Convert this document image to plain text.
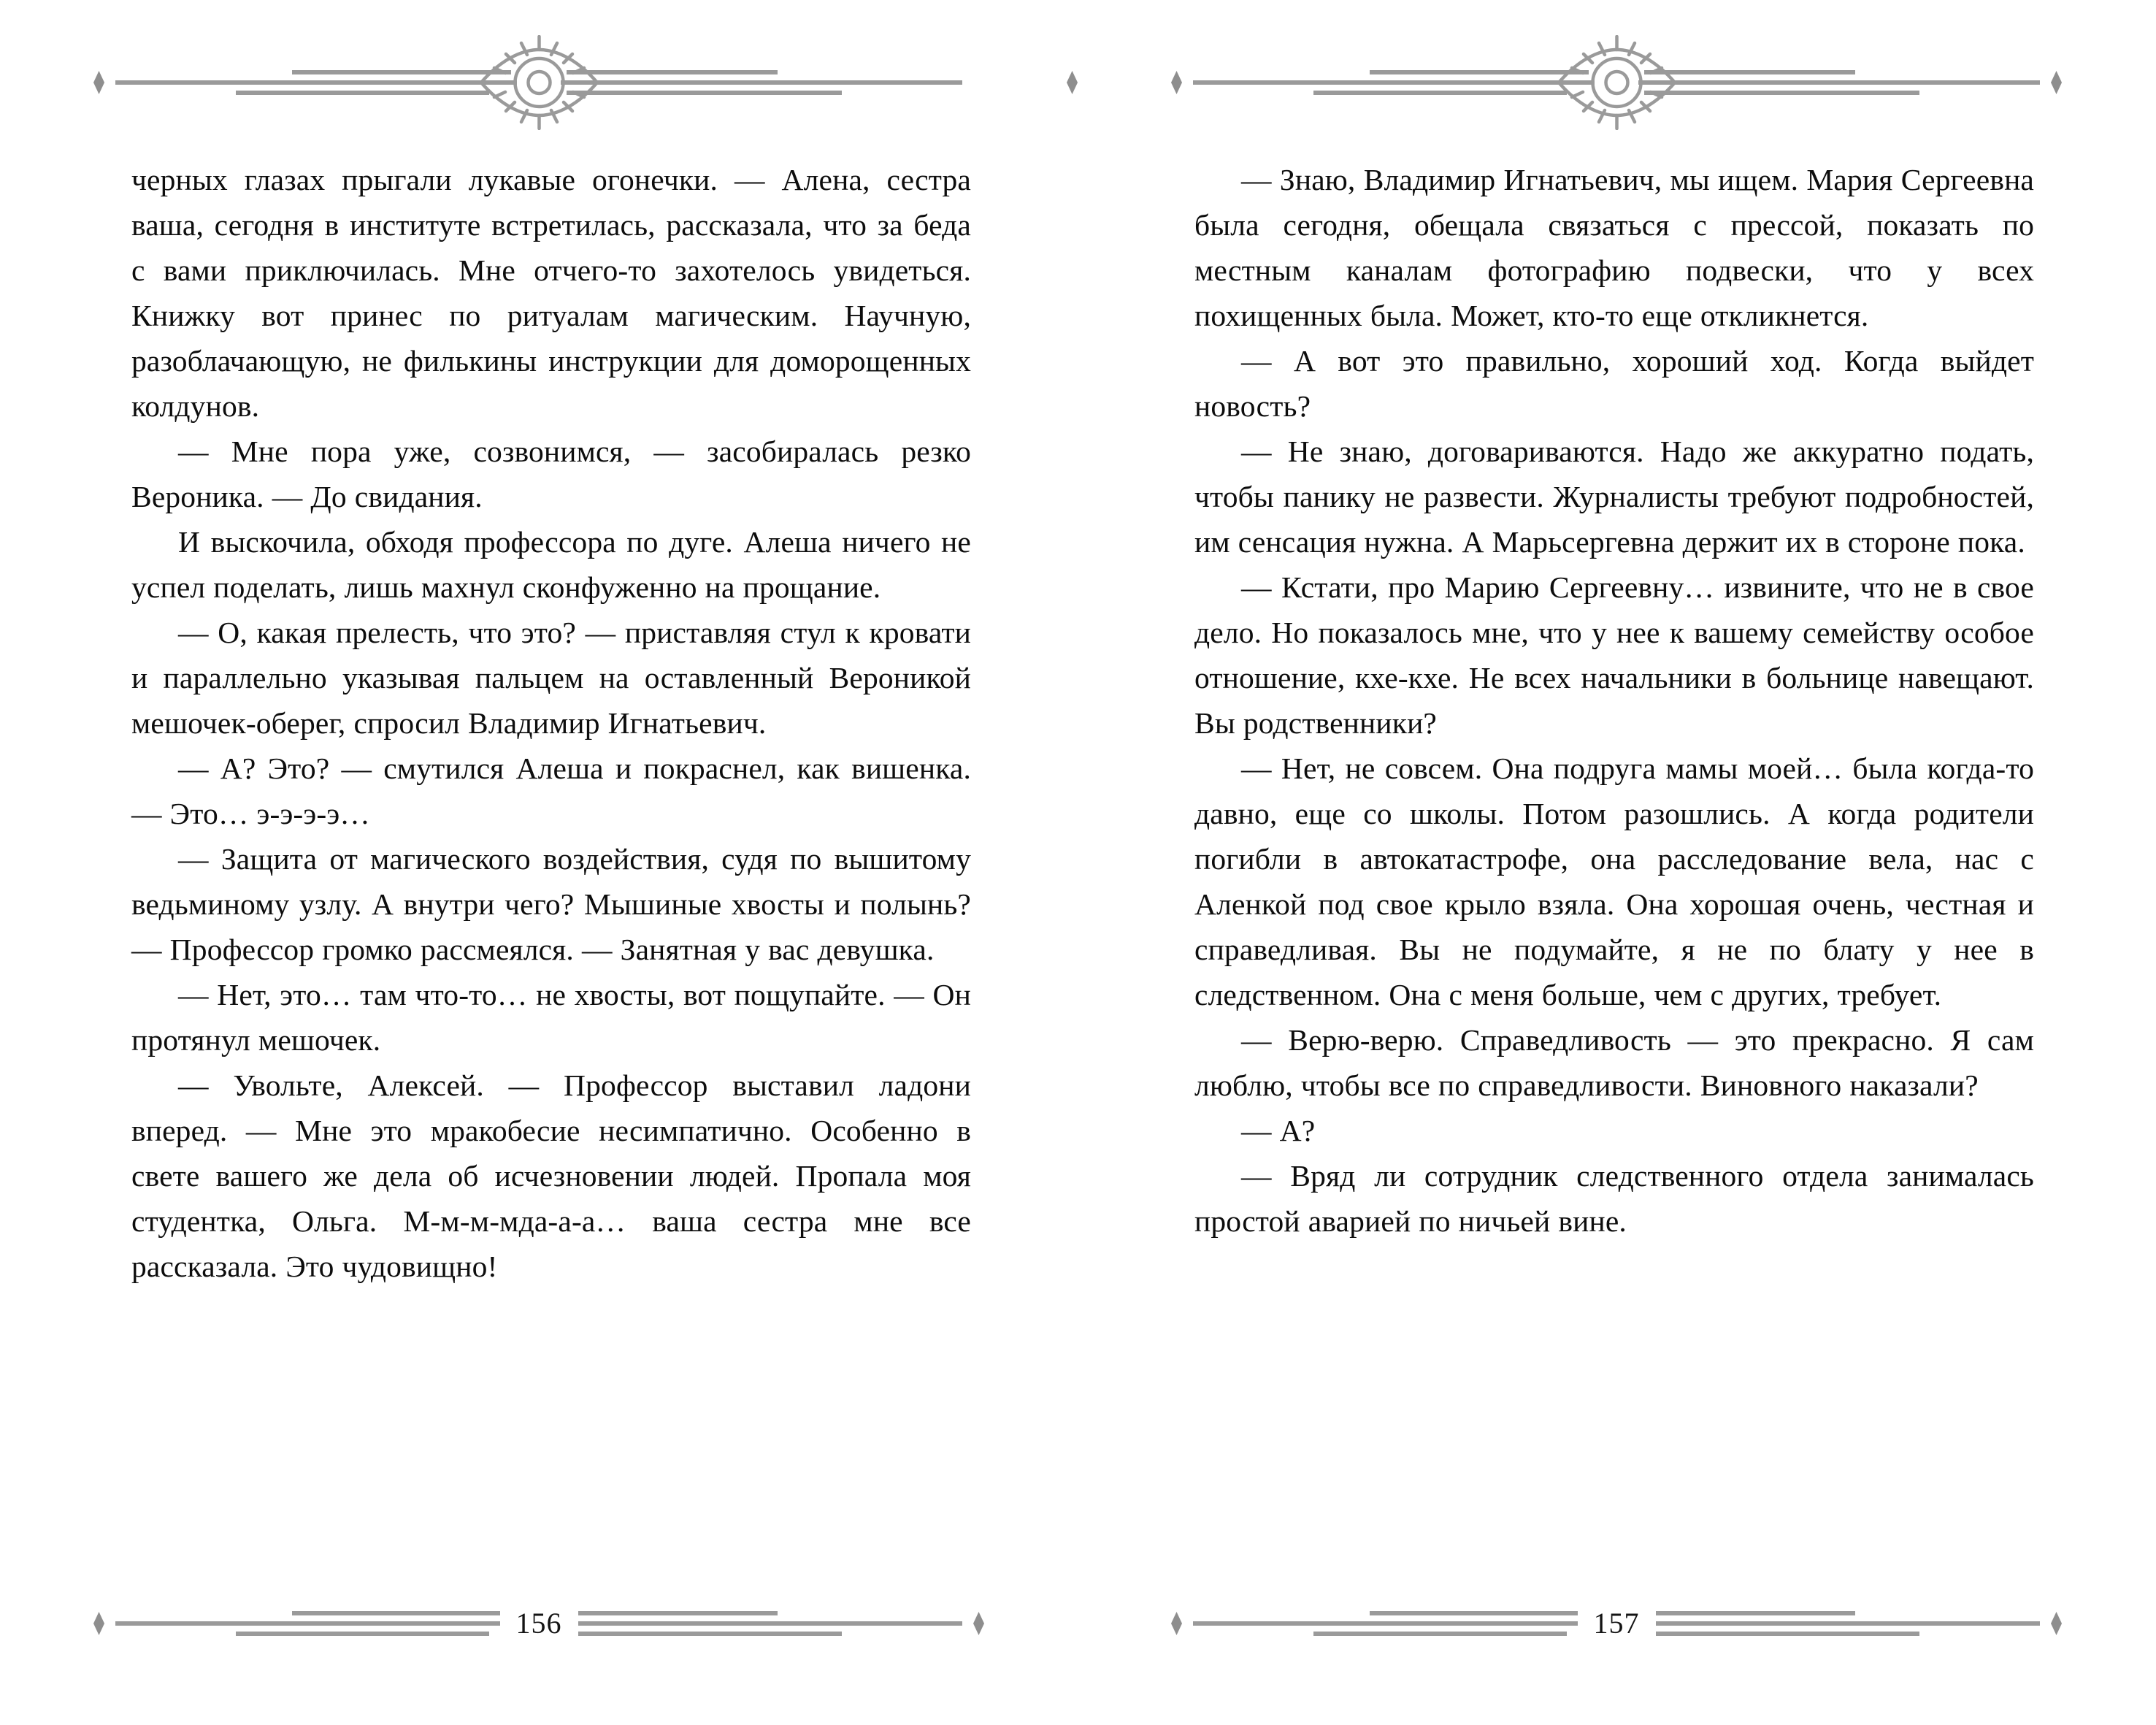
черных глазах прыгали лукавые огонечки. — Алена, сестра ваша, сегодня в институте встретилась, рассказала, что за беда с вами приключилась. Мне отчего-то захотелось увидеться. Книжку вот принес по ритуалам магическим. Научную, разоблачающую, не филькины инструкции для доморощенных колдунов.

— Мне пора уже, созвонимся, — засобиралась резко Вероника. — До свидания.

И выскочила, обходя профессора по дуге. Алеша ничего не успел поделать, лишь махнул сконфуженно на прощание.

— О, какая прелесть, что это? — приставляя стул к кровати и параллельно указывая пальцем на оставленный Вероникой мешочек-оберег, спросил Владимир Игнатьевич.

— А? Это? — смутился Алеша и покраснел, как вишенка. — Это… э-э-э-э…

— Защита от магического воздействия, судя по вышитому ведьминому узлу. А внутри чего? Мышиные хвосты и полынь? — Профессор громко рассмеялся. — Занятная у вас девушка.

— Нет, это… там что-то… не хвосты, вот пощупайте. — Он протянул мешочек.

— Увольте, Алексей. — Профессор выставил ладони вперед. — Мне это мракобесие несимпатично. Особенно в свете вашего же дела об исчезновении людей. Пропала моя студентка, Ольга. М-м-м-мда-а-а… ваша сестра мне все рассказала. Это чудовищно!

156

— Знаю, Владимир Игнатьевич, мы ищем. Мария Сергеевна была сегодня, обещала связаться с прессой, показать по местным каналам фотографию подвески, что у всех похищенных была. Может, кто-то еще откликнется.

— А вот это правильно, хороший ход. Когда выйдет новость?

— Не знаю, договариваются. Надо же аккуратно подать, чтобы панику не развести. Журналисты требуют подробностей, им сенсация нужна. А Марьсергевна держит их в стороне пока.

— Кстати, про Марию Сергеевну… извините, что не в свое дело. Но показалось мне, что у нее к вашему семейству особое отношение, кхе-кхе. Не всех начальники в больнице навещают. Вы родственники?

— Нет, не совсем. Она подруга мамы моей… была когда-то давно, еще со школы. Потом разошлись. А когда родители погибли в автокатастрофе, она расследование вела, нас с Аленкой под свое крыло взяла. Она хорошая очень, честная и справедливая. Вы не подумайте, я не по блату у нее в следственном. Она с меня больше, чем с других, требует.

— Верю-верю. Справедливость — это прекрасно. Я сам люблю, чтобы все по справедливости. Виновного наказали?

— А?

— Вряд ли сотрудник следственного отдела занималась простой аварией по ничьей вине.

157
